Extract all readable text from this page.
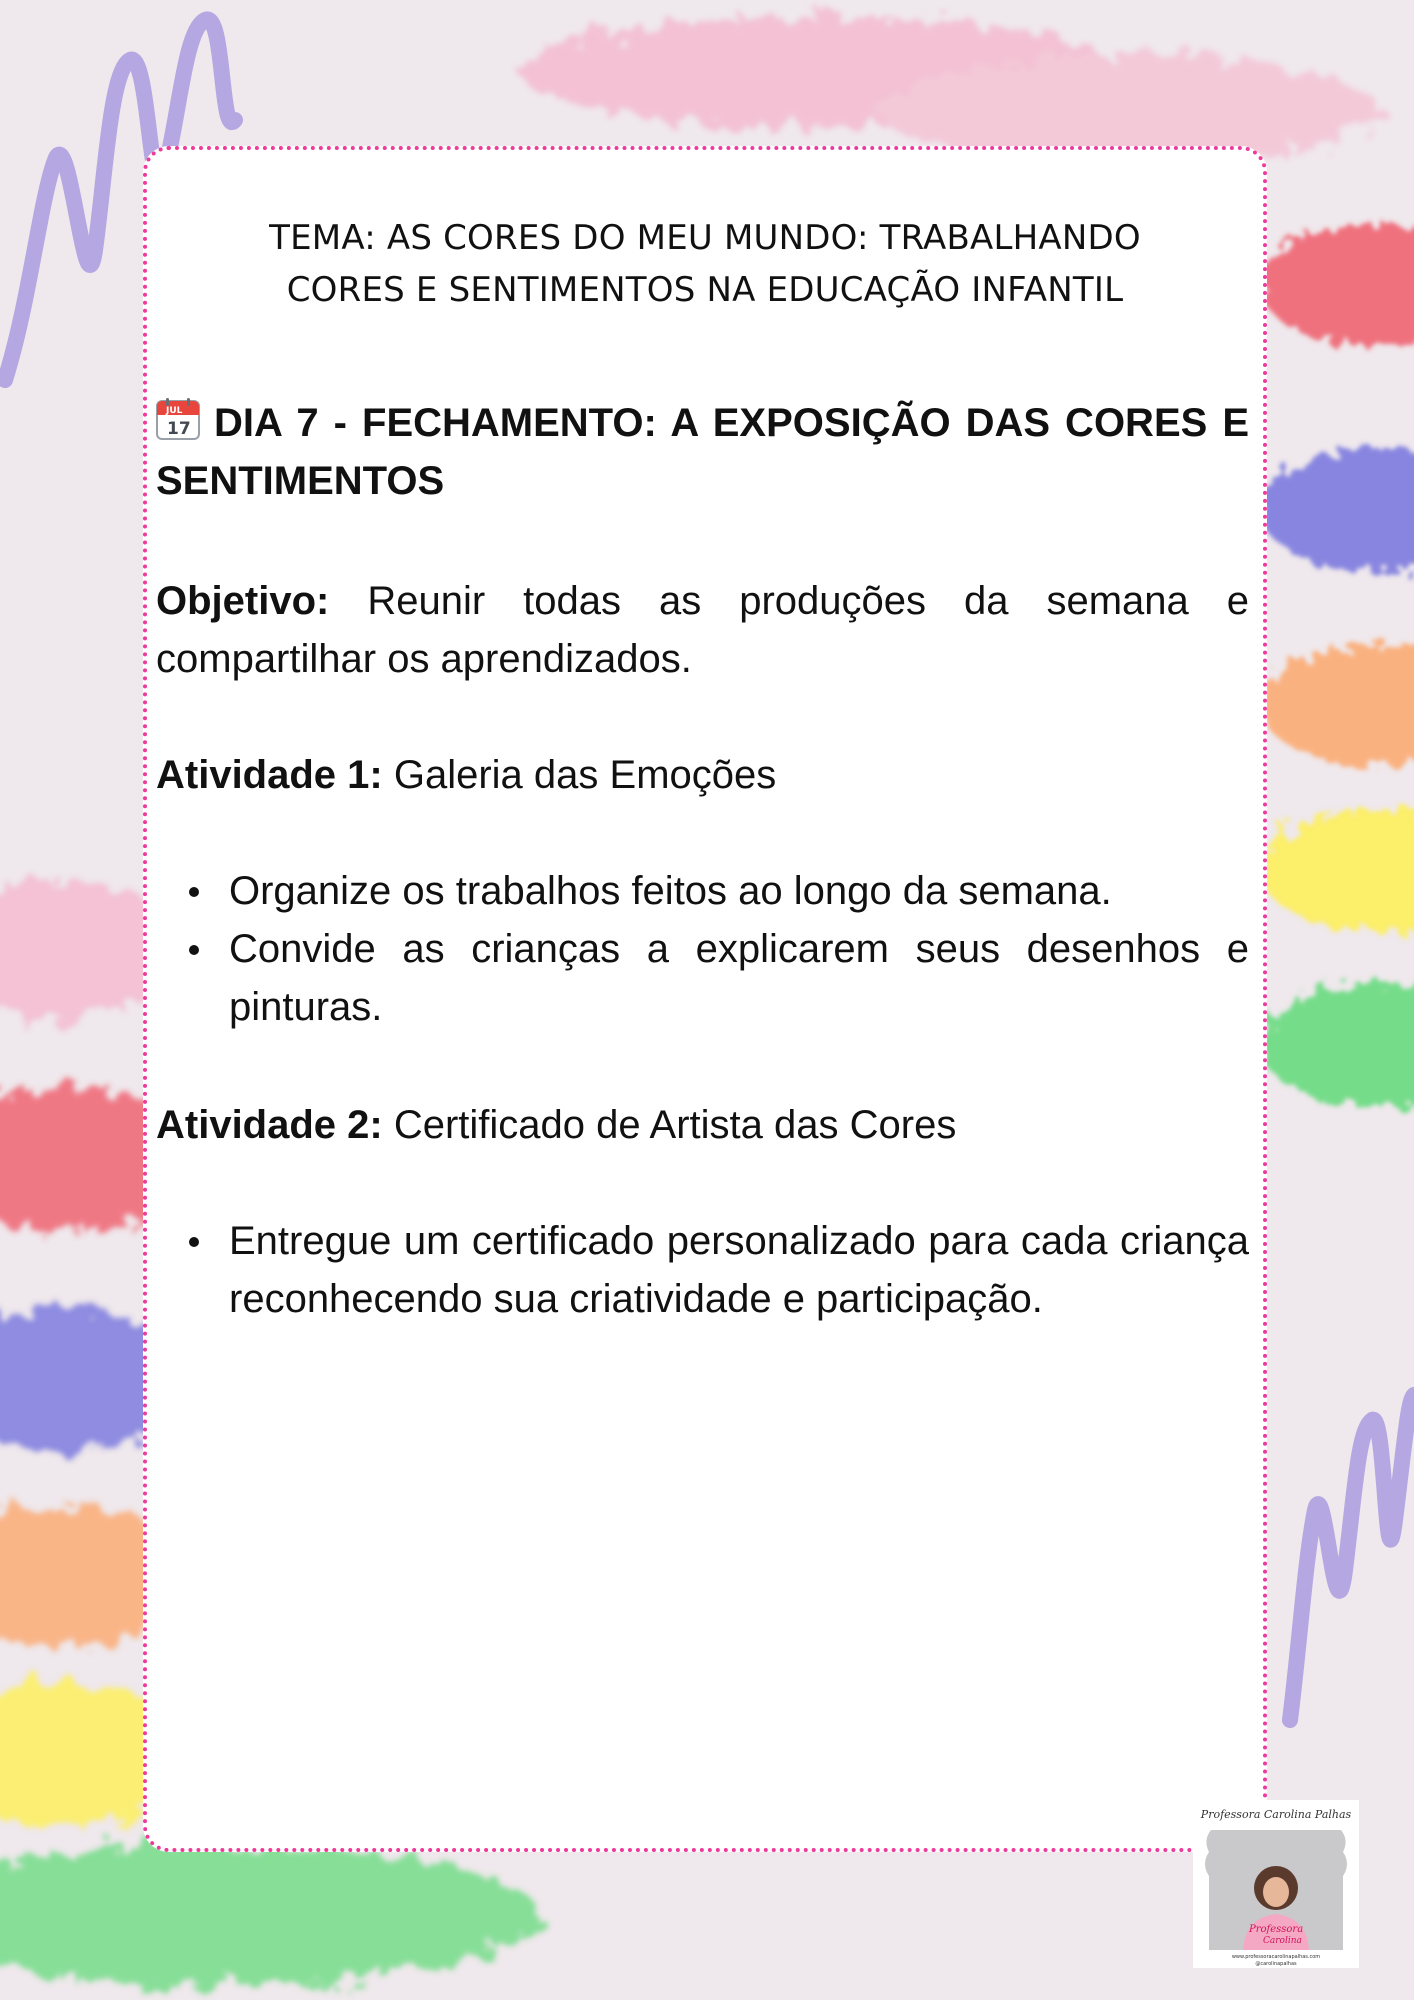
TEMA: AS CORES DO MEU MUNDO: TRABALHANDO
CORES E SENTIMENTOS NA EDUCAÇÃO INFANTIL

JUL
17 DIA 7 - FECHAMENTO: A EXPOSIÇÃO DAS CORES E SENTIMENTOS

Objetivo: Reunir todas as produções da semana e compartilhar os aprendizados.

Atividade 1: Galeria das Emoções

Organize os trabalhos feitos ao longo da semana.
Convide as crianças a explicarem seus desenhos e pinturas.

Atividade 2: Certificado de Artista das Cores

Entregue um certificado personalizado para cada criança reconhecendo sua criatividade e participação.
Professora Carolina Palhas
Professora
Carolina
www.professoracarolinapalhas.com
@carolinapalhas
